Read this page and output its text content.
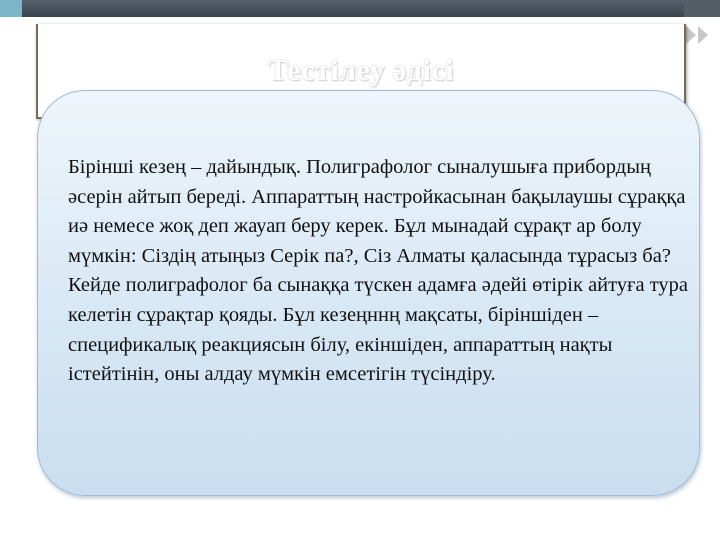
Тестілеу әдісі

Бірінші кезең – дайындық. Полиграфолог сыналушыға прибордың әсерін айтып береді. Аппараттың настройкасынан бақылаушы сұраққа иә немесе жоқ деп жауап беру керек. Бұл мынадай сұрақт ар болу мүмкін: Сіздің атыңыз Серік па?, Сіз Алматы қаласында тұрасыз ба? Кейде полиграфолог ба сынаққа түскен адамға әдейі өтірік айтуға тура келетін сұрақтар қояды. Бұл кезеңннң мақсаты, біріншіден – спецификалық реакциясын білу, екіншіден, аппараттың нақты істейтінін, оны алдау мүмкін емсетігін түсіндіру.
